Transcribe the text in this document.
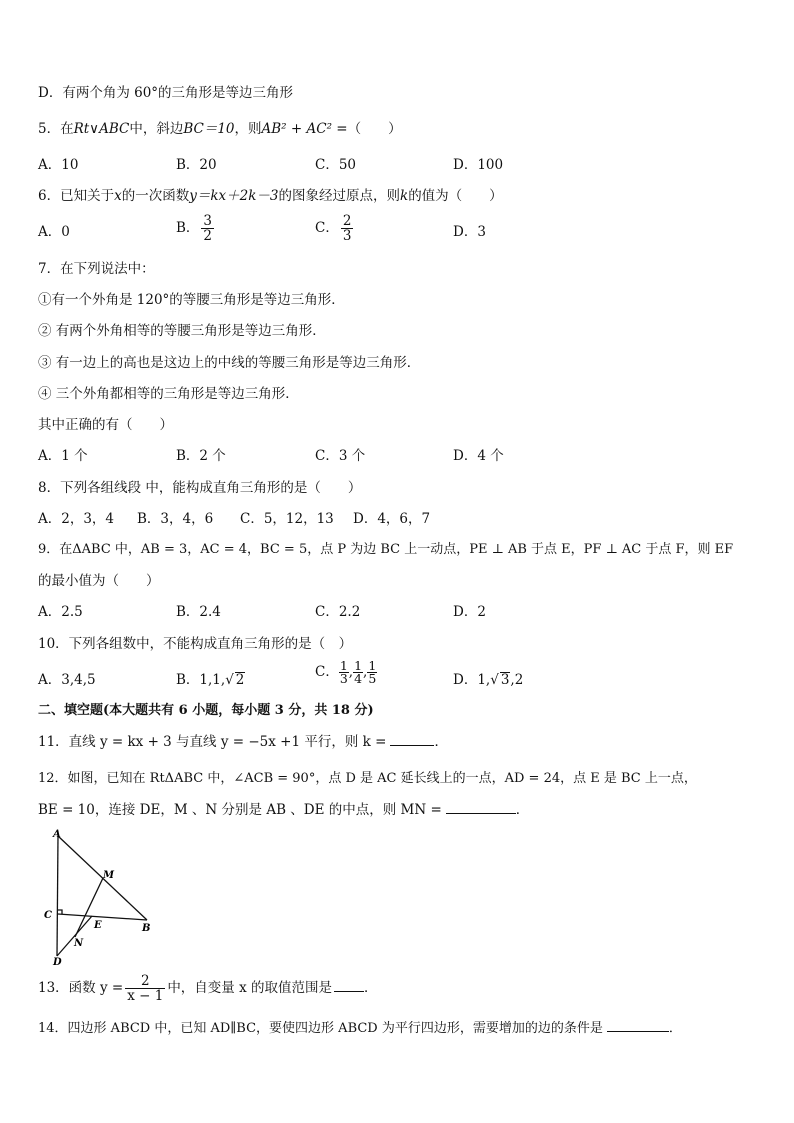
D．有两个角为 60°的三角形是等边三角形
5．在Rt∨ABC中，斜边BC＝10，则AB² + AC² =（　　）
A．10	B．20	C．50	D．100
6．已知关于x的一次函数y＝kx＋2k－3的图象经过原点，则k的值为（　　）
A．0	B． $\frac{3}{2}$	C． $\frac{2}{3}$	D．3
7．在下列说法中：
①有一个外角是 120°的等腰三角形是等边三角形．
② 有两个外角相等的等腰三角形是等边三角形．
③ 有一边上的高也是这边上的中线的等腰三角形是等边三角形．
④ 三个外角都相等的三角形是等边三角形．
其中正确的有（　　）
A．1 个	B．2 个	C．3 个	D．4 个
8．下列各组线段 中，能构成直角三角形的是（　　）
A．2，3，4 B．3，4，6 C．5，12，13 D．4，6，7
9．在ΔABC 中，AB = 3，AC = 4，BC = 5，点 P 为边 BC 上一动点，PE ⊥ AB 于点 E，PF ⊥ AC 于点 F，则 EF
的最小值为（　　）
A．2.5	B．2.4	C．2.2	D．2
10．下列各组数中，不能构成直角三角形的是（　）
A．3,4,5	B．1,1,√ 2	C． $\frac{1}{3}$ , $\frac{1}{4}$ , $\frac{1}{5}$	D．1,√ 3,2
二、填空题(本大题共有 6 小题，每小题 3 分，共 18 分)
11．直线 y = kx + 3 与直线 y = −5x +1 平行，则 k =	．
12．如图，已知在 RtΔABC 中，∠ACB = 90°，点 D 是 AC 延长线上的一点，AD = 24，点 E 是 BC 上一点，
BE = 10，连接 DE，M 、N 分别是 AB 、DE 的中点，则 MN =	．
A
M
C
E	B
N
D
13．函数 $y = \frac{2}{x - 1}$ 中，自变量 x 的取值范围是 ．
14．四边形 ABCD 中，已知 AD∥BC，要使四边形 ABCD 为平行四边形，需要增加的边的条件是	．
